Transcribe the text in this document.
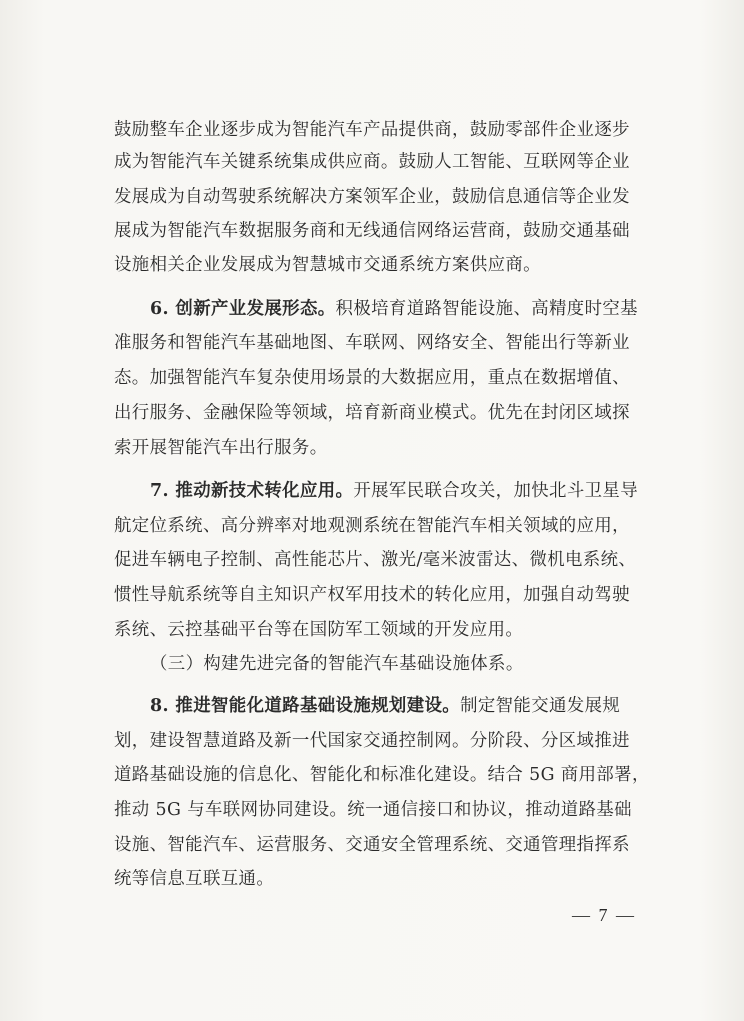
鼓励整车企业逐步成为智能汽车产品提供商，鼓励零部件企业逐步

成为智能汽车关键系统集成供应商。鼓励人工智能、互联网等企业

发展成为自动驾驶系统解决方案领军企业，鼓励信息通信等企业发

展成为智能汽车数据服务商和无线通信网络运营商，鼓励交通基础

设施相关企业发展成为智慧城市交通系统方案供应商。

6. 创新产业发展形态。积极培育道路智能设施、高精度时空基

准服务和智能汽车基础地图、车联网、网络安全、智能出行等新业

态。加强智能汽车复杂使用场景的大数据应用，重点在数据增值、

出行服务、金融保险等领域，培育新商业模式。优先在封闭区域探

索开展智能汽车出行服务。

7. 推动新技术转化应用。开展军民联合攻关，加快北斗卫星导

航定位系统、高分辨率对地观测系统在智能汽车相关领域的应用，

促进车辆电子控制、高性能芯片、激光/毫米波雷达、微机电系统、

惯性导航系统等自主知识产权军用技术的转化应用，加强自动驾驶

系统、云控基础平台等在国防军工领域的开发应用。

（三）构建先进完备的智能汽车基础设施体系。

8. 推进智能化道路基础设施规划建设。制定智能交通发展规

划，建设智慧道路及新一代国家交通控制网。分阶段、分区域推进

道路基础设施的信息化、智能化和标准化建设。结合 5G 商用部署，

推动 5G 与车联网协同建设。统一通信接口和协议，推动道路基础

设施、智能汽车、运营服务、交通安全管理系统、交通管理指挥系

统等信息互联互通。

— 7 —
